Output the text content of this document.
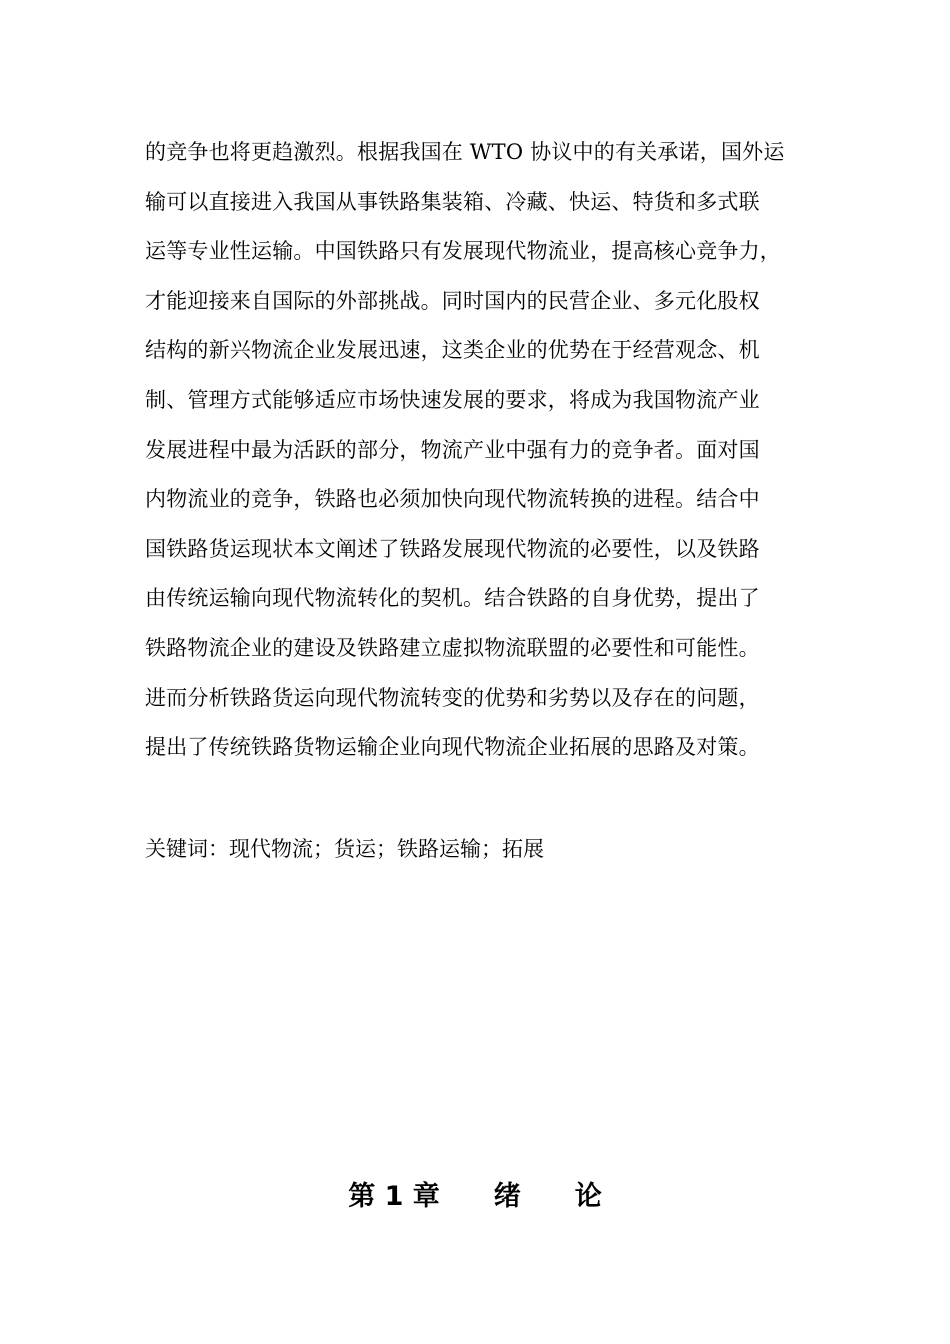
的竞争也将更趋激烈。根据我国在 WTO 协议中的有关承诺，国外运
输可以直接进入我国从事铁路集装箱、冷藏、快运、特货和多式联
运等专业性运输。中国铁路只有发展现代物流业，提高核心竞争力，
才能迎接来自国际的外部挑战。同时国内的民营企业、多元化股权
结构的新兴物流企业发展迅速，这类企业的优势在于经营观念、机
制、管理方式能够适应市场快速发展的要求，将成为我国物流产业
发展进程中最为活跃的部分，物流产业中强有力的竞争者。面对国
内物流业的竞争，铁路也必须加快向现代物流转换的进程。结合中
国铁路货运现状本文阐述了铁路发展现代物流的必要性，以及铁路
由传统运输向现代物流转化的契机。结合铁路的自身优势，提出了
铁路物流企业的建设及铁路建立虚拟物流联盟的必要性和可能性。
进而分析铁路货运向现代物流转变的优势和劣势以及存在的问题，
提出了传统铁路货物运输企业向现代物流企业拓展的思路及对策。
关键词：现代物流；货运；铁路运输；拓展
第 1 章　　绪　　论
